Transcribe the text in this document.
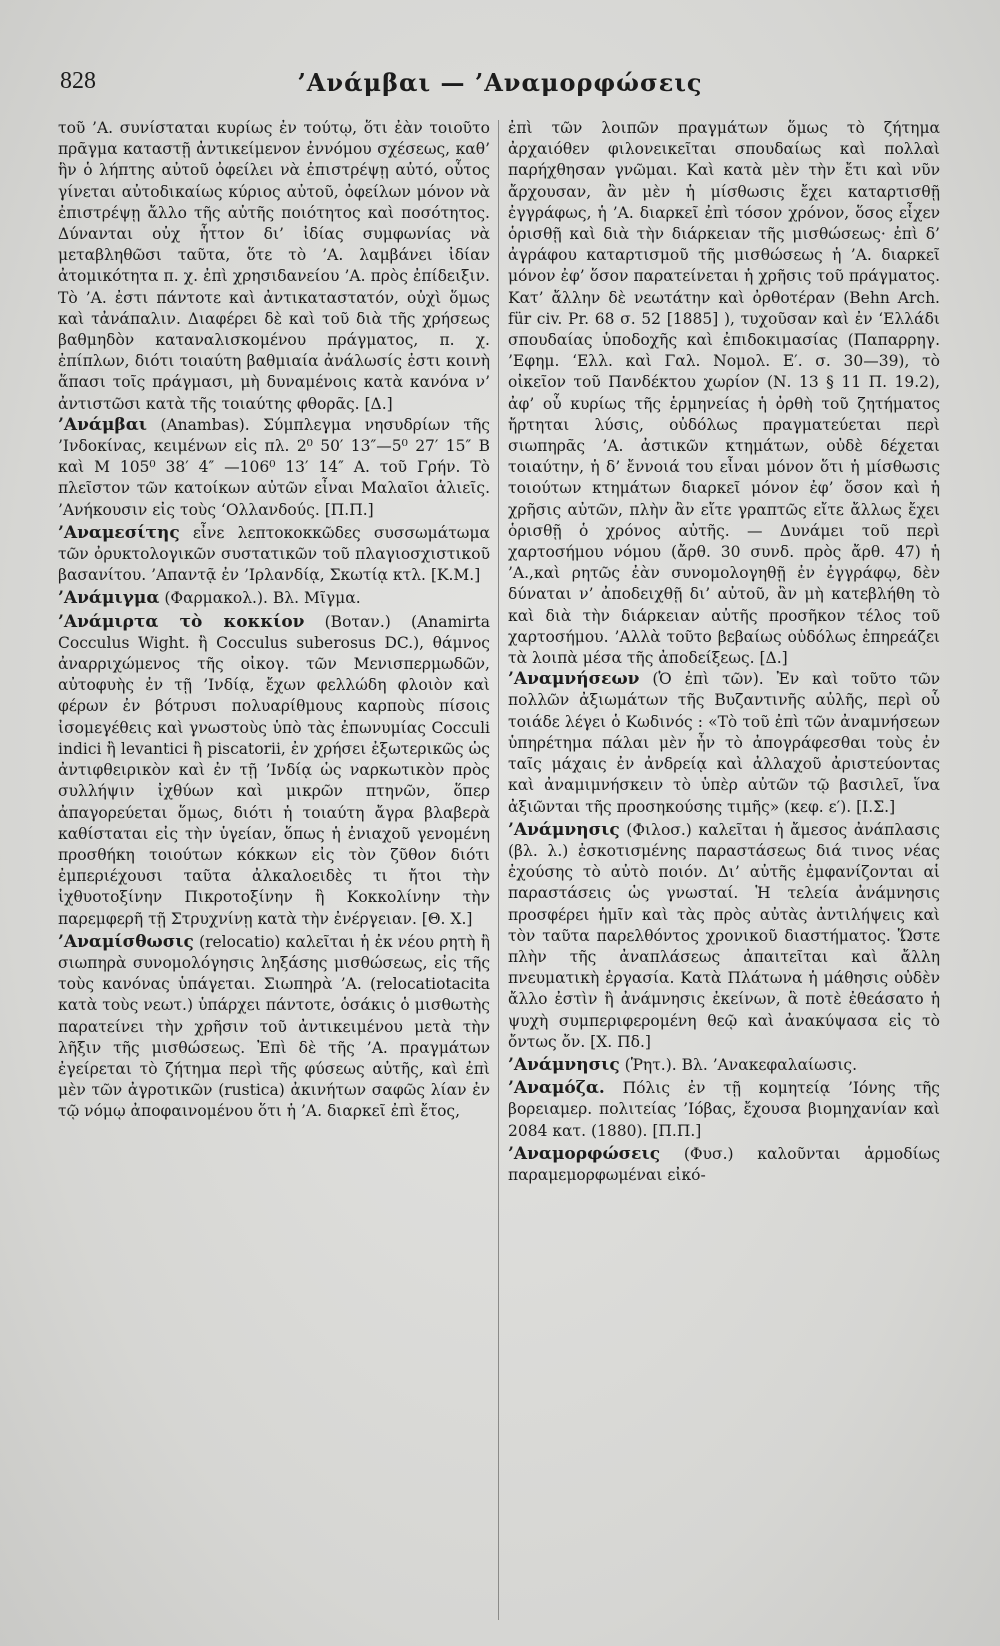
828	’Ανάμβαι — ’Αναμορφώσεις

τοῦ ’Α. συνίσταται κυρίως ἐν τούτῳ, ὅτι ἐὰν τοιοῦτο πρᾶγμα καταστῇ ἀντικείμενον ἐννόμου σχέσεως, καθ’ ἣν ὁ λήπτης αὐτοῦ ὀφείλει νὰ ἐπιστρέψῃ αὐτό, οὗτος γίνεται αὐτοδικαίως κύριος αὐτοῦ, ὀφείλων μόνον νὰ ἐπιστρέψῃ ἄλλο τῆς αὐτῆς ποιότητος καὶ ποσότητος. Δύνανται οὐχ ἧττον δι’ ἰδίας συμφωνίας νὰ μεταβληθῶσι ταῦτα, ὅτε τὸ ’Α. λαμβάνει ἰδίαν ἀτομικότητα π. χ. ἐπὶ χρησιδανείου ’Α. πρὸς ἐπίδειξιν. Τὸ ’Α. ἐστι πάντοτε καὶ ἀντικαταστατόν, οὐχὶ ὅμως καὶ τἀνάπαλιν. Διαφέρει δὲ καὶ τοῦ διὰ τῆς χρήσεως βαθμηδὸν καταναλισκομένου πράγματος, π. χ. ἐπίπλων, διότι τοιαύτη βαθμιαία ἀνάλωσίς ἐστι κοινὴ ἅπασι τοῖς πράγμασι, μὴ δυναμένοις κατὰ κανόνα ν’ ἀντιστῶσι κατὰ τῆς τοιαύτης φθορᾶς. [Δ.]

’Ανάμβαι (Anambas). Σύμπλεγμα νησυδρίων τῆς ’Ινδοκίνας, κειμένων εἰς πλ. 2⁰ 50′ 13″—5⁰ 27′ 15″ B καὶ M 105⁰ 38′ 4″ —106⁰ 13′ 14″ A. τοῦ Γρήν. Τὸ πλεῖστον τῶν κατοίκων αὐτῶν εἶναι Μαλαῖοι ἁλιεῖς. ’Ανήκουσιν εἰς τοὺς ‘Ολλανδούς. [Π.Π.]

’Αναμεσίτης εἶνε λεπτοκοκκῶδες συσσωμάτωμα τῶν ὀρυκτολογικῶν συστατικῶν τοῦ πλαγιοσχιστικοῦ βασανίτου. ’Απαντᾷ ἐν ’Ιρλανδίᾳ, Σκωτίᾳ κτλ. [Κ.Μ.]

’Ανάμιγμα (Φαρμακολ.). Βλ. Μῖγμα.

’Ανάμιρτα τὸ κοκκίον (Βοταν.) (Anamirta Cocculus Wight. ἢ Cocculus suberosus DC.), θάμνος ἀναρριχώμενος τῆς οἰκογ. τῶν Μενισπερμωδῶν, αὐτοφυὴς ἐν τῇ ’Ινδίᾳ, ἔχων φελλώδη φλοιὸν καὶ φέρων ἐν βότρυσι πολυαρίθμους καρποὺς πίσοις ἰσομεγέθεις καὶ γνωστοὺς ὑπὸ τὰς ἐπωνυμίας Cocculi indici ἢ levantici ἢ piscatorii, ἐν χρήσει ἐξωτερικῶς ὡς ἀντιφθειρικὸν καὶ ἐν τῇ ’Ινδίᾳ ὡς ναρκωτικὸν πρὸς συλλήψιν ἰχθύων καὶ μικρῶν πτηνῶν, ὅπερ ἀπαγορεύεται ὅμως, διότι ἡ τοιαύτη ἄγρα βλαβερὰ καθίσταται εἰς τὴν ὑγείαν, ὅπως ἡ ἐνιαχοῦ γενομένη προσθήκη τοιούτων κόκκων εἰς τὸν ζῦθον διότι ἐμπεριέχουσι ταῦτα ἀλκαλοειδὲς τι ἤτοι τὴν ἰχθυοτοξίνην Πικροτοξίνην ἢ Κοκκολίνην τὴν παρεμφερῆ τῇ Στρυχνίνῃ κατὰ τὴν ἐνέργειαν. [Θ. Χ.]

’Αναμίσθωσις (relocatio) καλεῖται ἡ ἐκ νέου ρητὴ ἢ σιωπηρὰ συνομολόγησις ληξάσης μισθώσεως, εἰς τῆς τοὺς κανόνας ὑπάγεται. Σιωπηρὰ ’Α. (relocatiotacita κατὰ τοὺς νεωτ.) ὑπάρχει πάντοτε, ὁσάκις ὁ μισθωτὴς παρατείνει τὴν χρῆσιν τοῦ ἀντικειμένου μετὰ τὴν λῆξιν τῆς μισθώσεως. Ἐπὶ δὲ τῆς ’Α. πραγμάτων ἐγείρεται τὸ ζήτημα περὶ τῆς φύσεως αὐτῆς, καὶ ἐπὶ μὲν τῶν ἀγροτικῶν (rustica) ἀκινήτων σαφῶς λίαν ἐν τῷ νόμῳ ἀποφαινομένου ὅτι ἡ ’Α. διαρκεῖ ἐπὶ ἔτος,

ἐπὶ τῶν λοιπῶν πραγμάτων ὅμως τὸ ζήτημα ἀρχαιόθεν φιλονεικεῖται σπουδαίως καὶ πολλαὶ παρήχθησαν γνῶμαι. Καὶ κατὰ μὲν τὴν ἔτι καὶ νῦν ἄρχουσαν, ἂν μὲν ἡ μίσθωσις ἔχει καταρτισθῇ ἐγγράφως, ἡ ’Α. διαρκεῖ ἐπὶ τόσον χρόνον, ὅσος εἶχεν ὁρισθῇ καὶ διὰ τὴν διάρκειαν τῆς μισθώσεως· ἐπὶ δ’ ἀγράφου καταρτισμοῦ τῆς μισθώσεως ἡ ’Α. διαρκεῖ μόνον ἐφ’ ὅσον παρατείνεται ἡ χρῆσις τοῦ πράγματος. Κατ’ ἄλλην δὲ νεωτάτην καὶ ὀρθοτέραν (Behn Arch. für civ. Pr. 68 σ. 52 [1885] ), τυχοῦσαν καὶ ἐν ‘Ελλάδι σπουδαίας ὑποδοχῆς καὶ ἐπιδοκιμασίας (Παπαρρηγ. ’Εφημ. ‘Ελλ. καὶ Γαλ. Νομολ. Ε′. σ. 30—39), τὸ οἰκεῖον τοῦ Πανδέκτου χωρίον (Ν. 13 § 11 Π. 19.2), ἀφ’ οὗ κυρίως τῆς ἑρμηνείας ἡ ὀρθὴ τοῦ ζητήματος ἤρτηται λύσις, οὐδόλως πραγματεύεται περὶ σιωπηρᾶς ’Α. ἀστικῶν κτημάτων, οὐδὲ δέχεται τοιαύτην, ἡ δ’ ἔννοιά του εἶναι μόνον ὅτι ἡ μίσθωσις τοιούτων κτημάτων διαρκεῖ μόνον ἐφ’ ὅσον καὶ ἡ χρῆσις αὐτῶν, πλὴν ἂν εἴτε γραπτῶς εἴτε ἄλλως ἔχει ὁρισθῇ ὁ χρόνος αὐτῆς. — Δυνάμει τοῦ περὶ χαρτοσήμου νόμου (ἄρθ. 30 συνδ. πρὸς ἄρθ. 47) ἡ ’Α.,καὶ ρητῶς ἐὰν συνομολογηθῇ ἐν ἐγγράφῳ, δὲν δύναται ν’ ἀποδειχθῇ δι’ αὐτοῦ, ἂν μὴ κατεβλήθη τὸ καὶ διὰ τὴν διάρκειαν αὐτῆς προσῆκον τέλος τοῦ χαρτοσήμου. ’Αλλὰ τοῦτο βεβαίως οὐδόλως ἐπηρεάζει τὰ λοιπὰ μέσα τῆς ἀποδείξεως. [Δ.]

’Αναμνήσεων (Ὁ ἐπὶ τῶν). Ἐν καὶ τοῦτο τῶν πολλῶν ἀξιωμάτων τῆς Βυζαντινῆς αὐλῆς, περὶ οὗ τοιάδε λέγει ὁ Κωδινός : «Τὸ τοῦ ἐπὶ τῶν ἀναμνήσεων ὑπηρέτημα πάλαι μὲν ἦν τὸ ἀπογράφεσθαι τοὺς ἐν ταῖς μάχαις ἐν ἀνδρείᾳ καὶ ἀλλαχοῦ ἀριστεύοντας καὶ ἀναμιμνήσκειν τὸ ὑπὲρ αὐτῶν τῷ βασιλεῖ, ἵνα ἀξιῶνται τῆς προσηκούσης τιμῆς» (κεφ. ε′). [Ι.Σ.]

’Ανάμνησις (Φιλοσ.) καλεῖται ἡ ἄμεσος ἀνάπλασις (βλ. λ.) ἐσκοτισμένης παραστάσεως διά τινος νέας ἐχούσης τὸ αὐτὸ ποιόν. Δι’ αὐτῆς ἐμφανίζονται αἱ παραστάσεις ὡς γνωσταί. Ἡ τελεία ἀνάμνησις προσφέρει ἡμῖν καὶ τὰς πρὸς αὐτὰς ἀντιλήψεις καὶ τὸν ταῦτα παρελθόντος χρονικοῦ διαστήματος. Ὥστε πλὴν τῆς ἀναπλάσεως ἀπαιτεῖται καὶ ἄλλη πνευματικὴ ἐργασία. Κατὰ Πλάτωνα ἡ μάθησις οὐδὲν ἄλλο ἐστὶν ἢ ἀνάμνησις ἐκείνων, ἃ ποτὲ ἐθεάσατο ἡ ψυχὴ συμπεριφερομένη θεῷ καὶ ἀνακύψασα εἰς τὸ ὄντως ὄν. [Χ. Πδ.]

’Ανάμνησις (Ῥητ.). Βλ. ’Ανακεφαλαίωσις.

’Αναμόζα. Πόλις ἐν τῇ κομητείᾳ ’Ιόνης τῆς βορειαμερ. πολιτείας ’Ιόβας, ἔχουσα βιομηχανίαν καὶ 2084 κατ. (1880). [Π.Π.]

’Αναμορφώσεις (Φυσ.) καλοῦνται ἁρμοδίως παραμεμορφωμέναι εἰκό-
